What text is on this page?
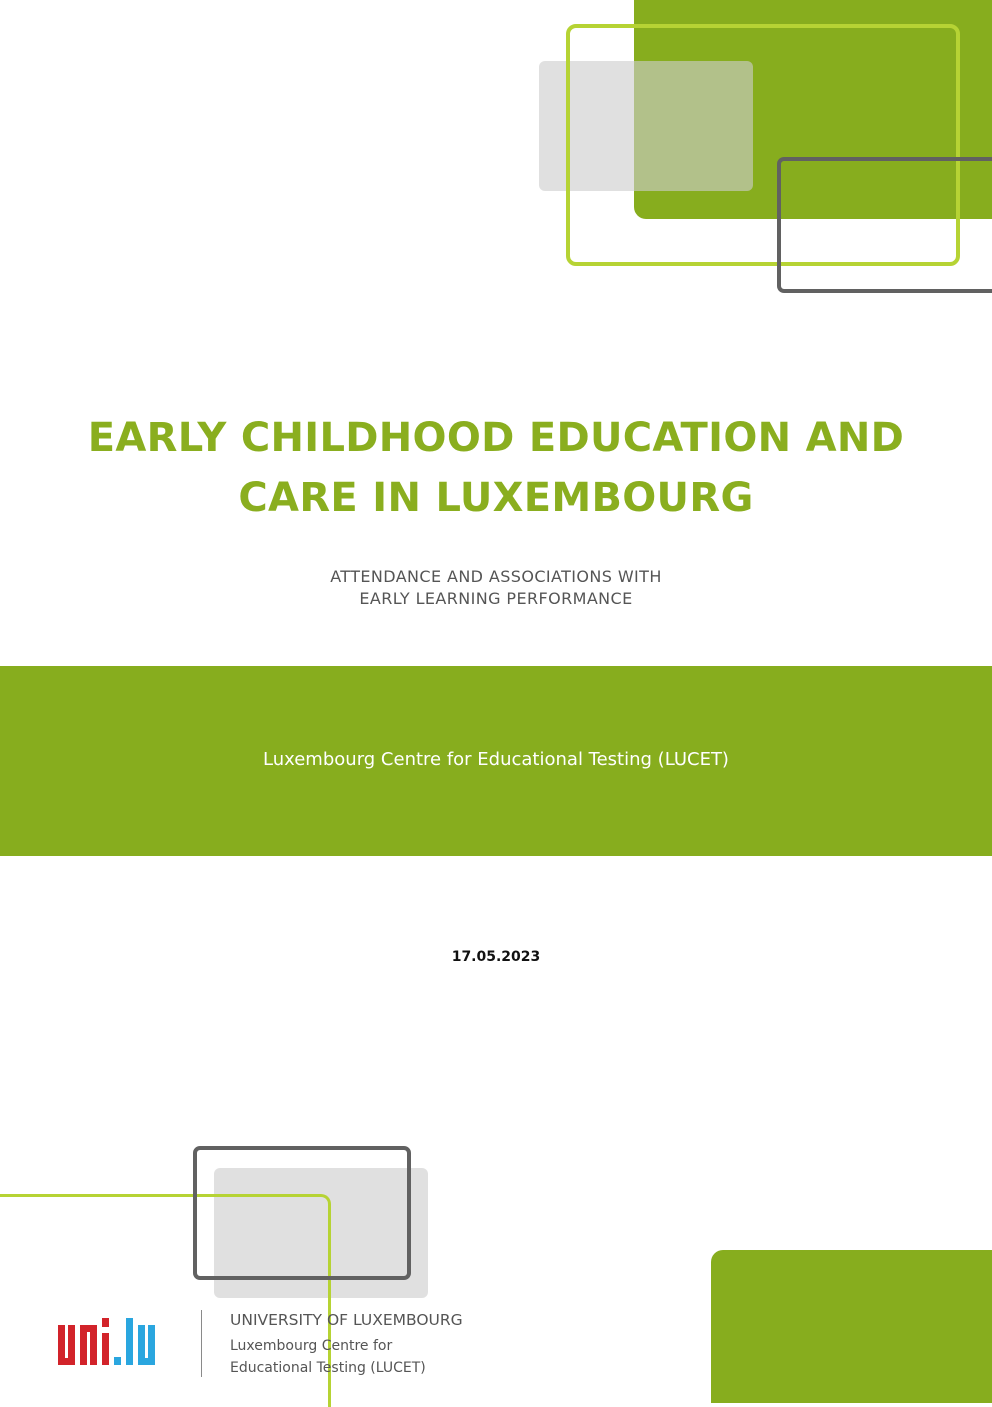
EARLY CHILDHOOD EDUCATION AND
CARE IN LUXEMBOURG
ATTENDANCE AND ASSOCIATIONS WITH
EARLY LEARNING PERFORMANCE
Luxembourg Centre for Educational Testing (LUCET)
17.05.2023
UNIVERSITY OF LUXEMBOURG
Luxembourg Centre for
Educational Testing (LUCET)
